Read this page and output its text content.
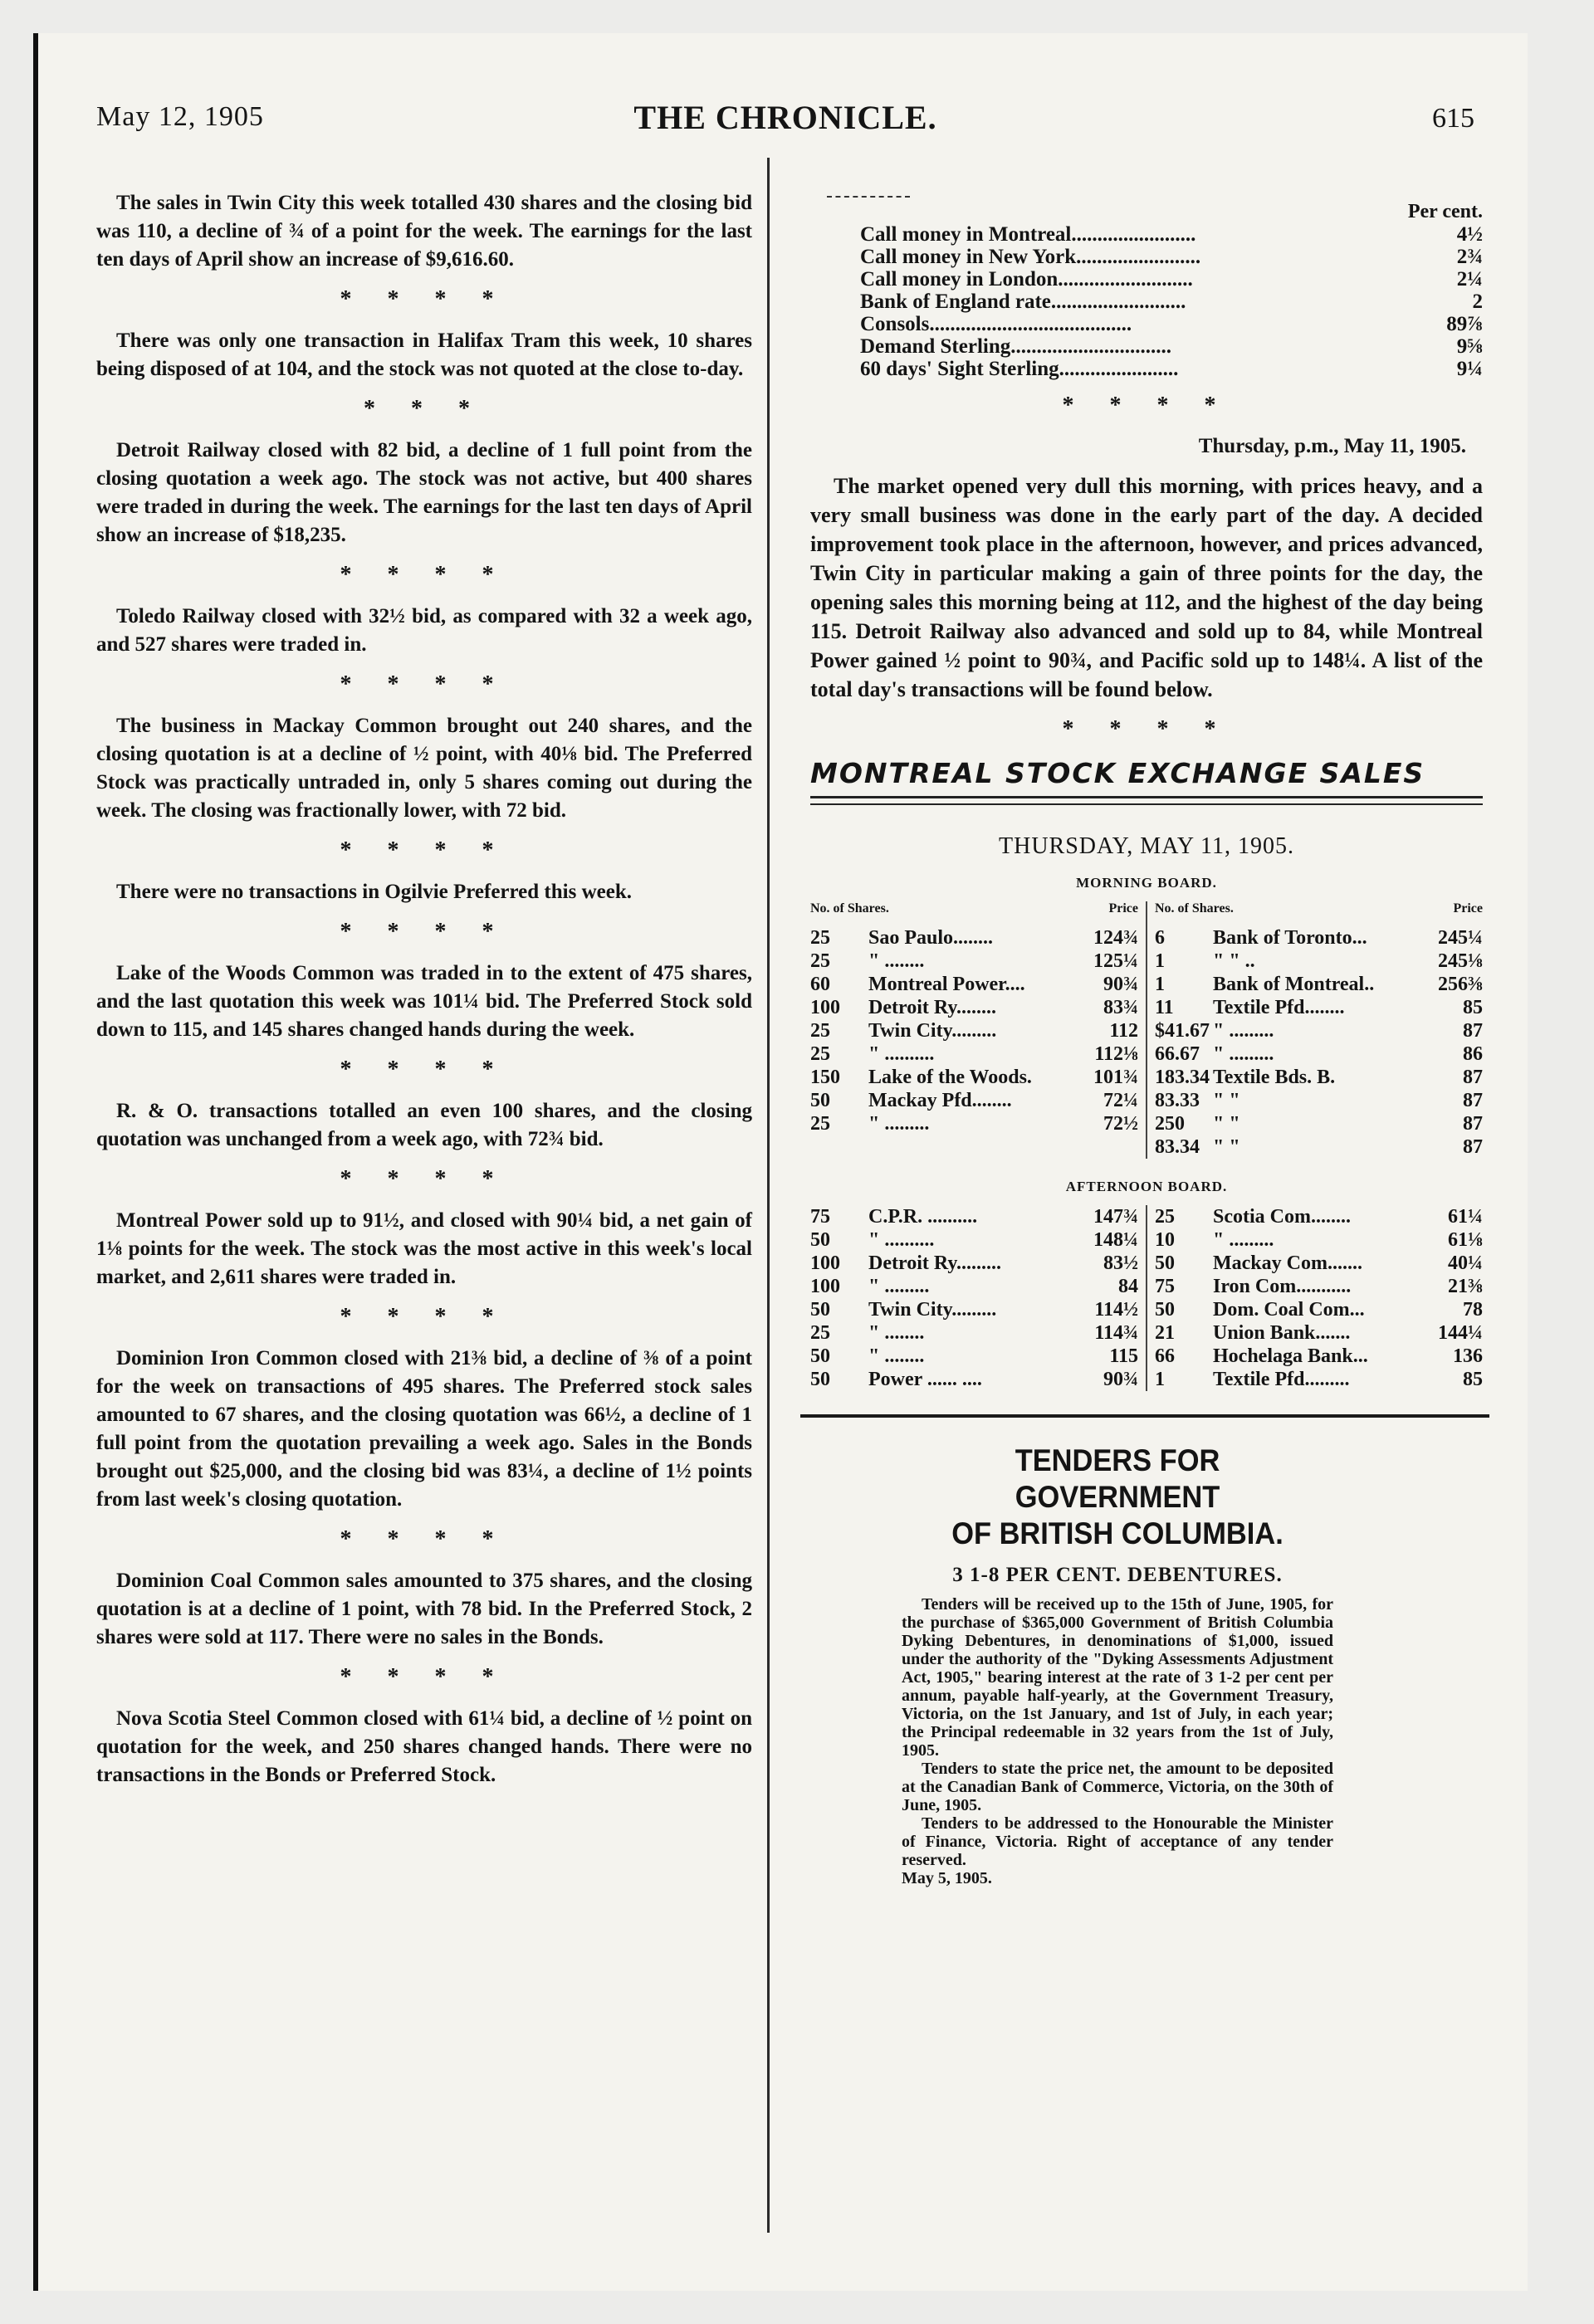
May 12, 1905	THE CHRONICLE.	615

The sales in Twin City this week totalled 430 shares and the closing bid was 110, a decline of ¾ of a point for the week. The earnings for the last ten days of April show an increase of $9,616.60.

* * * *

There was only one transaction in Halifax Tram this week, 10 shares being disposed of at 104, and the stock was not quoted at the close to-day.

* * *

Detroit Railway closed with 82 bid, a decline of 1 full point from the closing quotation a week ago. The stock was not active, but 400 shares were traded in during the week. The earnings for the last ten days of April show an increase of $18,235.

* * * *

Toledo Railway closed with 32½ bid, as compared with 32 a week ago, and 527 shares were traded in.

* * * *

The business in Mackay Common brought out 240 shares, and the closing quotation is at a decline of ½ point, with 40⅛ bid. The Preferred Stock was practically untraded in, only 5 shares coming out during the week. The closing was fractionally lower, with 72 bid.

* * * *

There were no transactions in Ogilvie Preferred this week.

* * * *

Lake of the Woods Common was traded in to the extent of 475 shares, and the last quotation this week was 101¼ bid. The Preferred Stock sold down to 115, and 145 shares changed hands during the week.

* * * *

R. & O. transactions totalled an even 100 shares, and the closing quotation was unchanged from a week ago, with 72¾ bid.

* * * *

Montreal Power sold up to 91½, and closed with 90¼ bid, a net gain of 1⅛ points for the week. The stock was the most active in this week's local market, and 2,611 shares were traded in.

* * * *

Dominion Iron Common closed with 21⅜ bid, a decline of ⅜ of a point for the week on transactions of 495 shares. The Preferred stock sales amounted to 67 shares, and the closing quotation was 66½, a decline of 1 full point from the quotation prevailing a week ago. Sales in the Bonds brought out $25,000, and the closing bid was 83¼, a decline of 1½ points from last week's closing quotation.

* * * *

Dominion Coal Common sales amounted to 375 shares, and the closing quotation is at a decline of 1 point, with 78 bid. In the Preferred Stock, 2 shares were sold at 117. There were no sales in the Bonds.

* * * *

Nova Scotia Steel Common closed with 61¼ bid, a decline of ½ point on quotation for the week, and 250 shares changed hands. There were no transactions in the Bonds or Preferred Stock.

Per cent.
Call money in Montreal........................	4½
Call money in New York........................	2¾
Call money in London..........................	2¼
Bank of England rate..........................	2
Consols.......................................	89⅞
Demand Sterling...............................	9⅝
60 days' Sight Sterling.......................	9¼
* * * *
Thursday, p.m., May 11, 1905.

The market opened very dull this morning, with prices heavy, and a very small business was done in the early part of the day. A decided improvement took place in the afternoon, however, and prices advanced, Twin City in particular making a gain of three points for the day, the opening sales this morning being at 112, and the highest of the day being 115. Detroit Railway also advanced and sold up to 84, while Montreal Power gained ½ point to 90¾, and Pacific sold up to 148¼. A list of the total day's transactions will be found below.

* * * *
MONTREAL STOCK EXCHANGE SALES
THURSDAY, MAY 11, 1905.
MORNING BOARD.
No. of Shares.	Price
25	Sao Paulo........	124¾
25	" ........	125¼
60	Montreal Power....	90¾
100	Detroit Ry........	83¾
25	Twin City.........	112
25	" ..........	112⅛
150	Lake of the Woods.	101¾
50	Mackay Pfd........	72¼
25	" .........	72½
No. of Shares.	Price
6	Bank of Toronto...	245¼
1	" " ..	245⅛
1	Bank of Montreal..	256⅜
11	Textile Pfd........	85
$41.67 " .........	87
66.67 " .........	86
183.34 Textile Bds. B.	87
83.33 " "	87
250	" "	87
83.34 " "	87
AFTERNOON BOARD.
75	C.P.R. ..........	147¾
50	" ..........	148¼
100	Detroit Ry.........	83½
100	" .........	84
50	Twin City.........	114½
25	" ........	114¾
50	" ........	115
50	Power ...... ....	90¾
25	Scotia Com........	61¼
10	" .........	61⅛
50	Mackay Com.......	40¼
75	Iron Com...........	21⅜
50	Dom. Coal Com...	78
21	Union Bank.......	144¼
66	Hochelaga Bank...	136
1	Textile Pfd.........	85
TENDERS FOR GOVERNMENT
OF BRITISH COLUMBIA.
3 1-8 PER CENT. DEBENTURES.

Tenders will be received up to the 15th of June, 1905, for the purchase of $365,000 Government of British Columbia Dyking Debentures, in denominations of $1,000, issued under the authority of the "Dyking Assessments Adjustment Act, 1905," bearing interest at the rate of 3 1-2 per cent per annum, payable half-yearly, at the Government Treasury, Victoria, on the 1st January, and 1st of July, in each year; the Principal redeemable in 32 years from the 1st of July, 1905.

Tenders to state the price net, the amount to be deposited at the Canadian Bank of Commerce, Victoria, on the 30th of June, 1905.

Tenders to be addressed to the Honourable the Minister of Finance, Victoria. Right of acceptance of any tender reserved.

May 5, 1905.
